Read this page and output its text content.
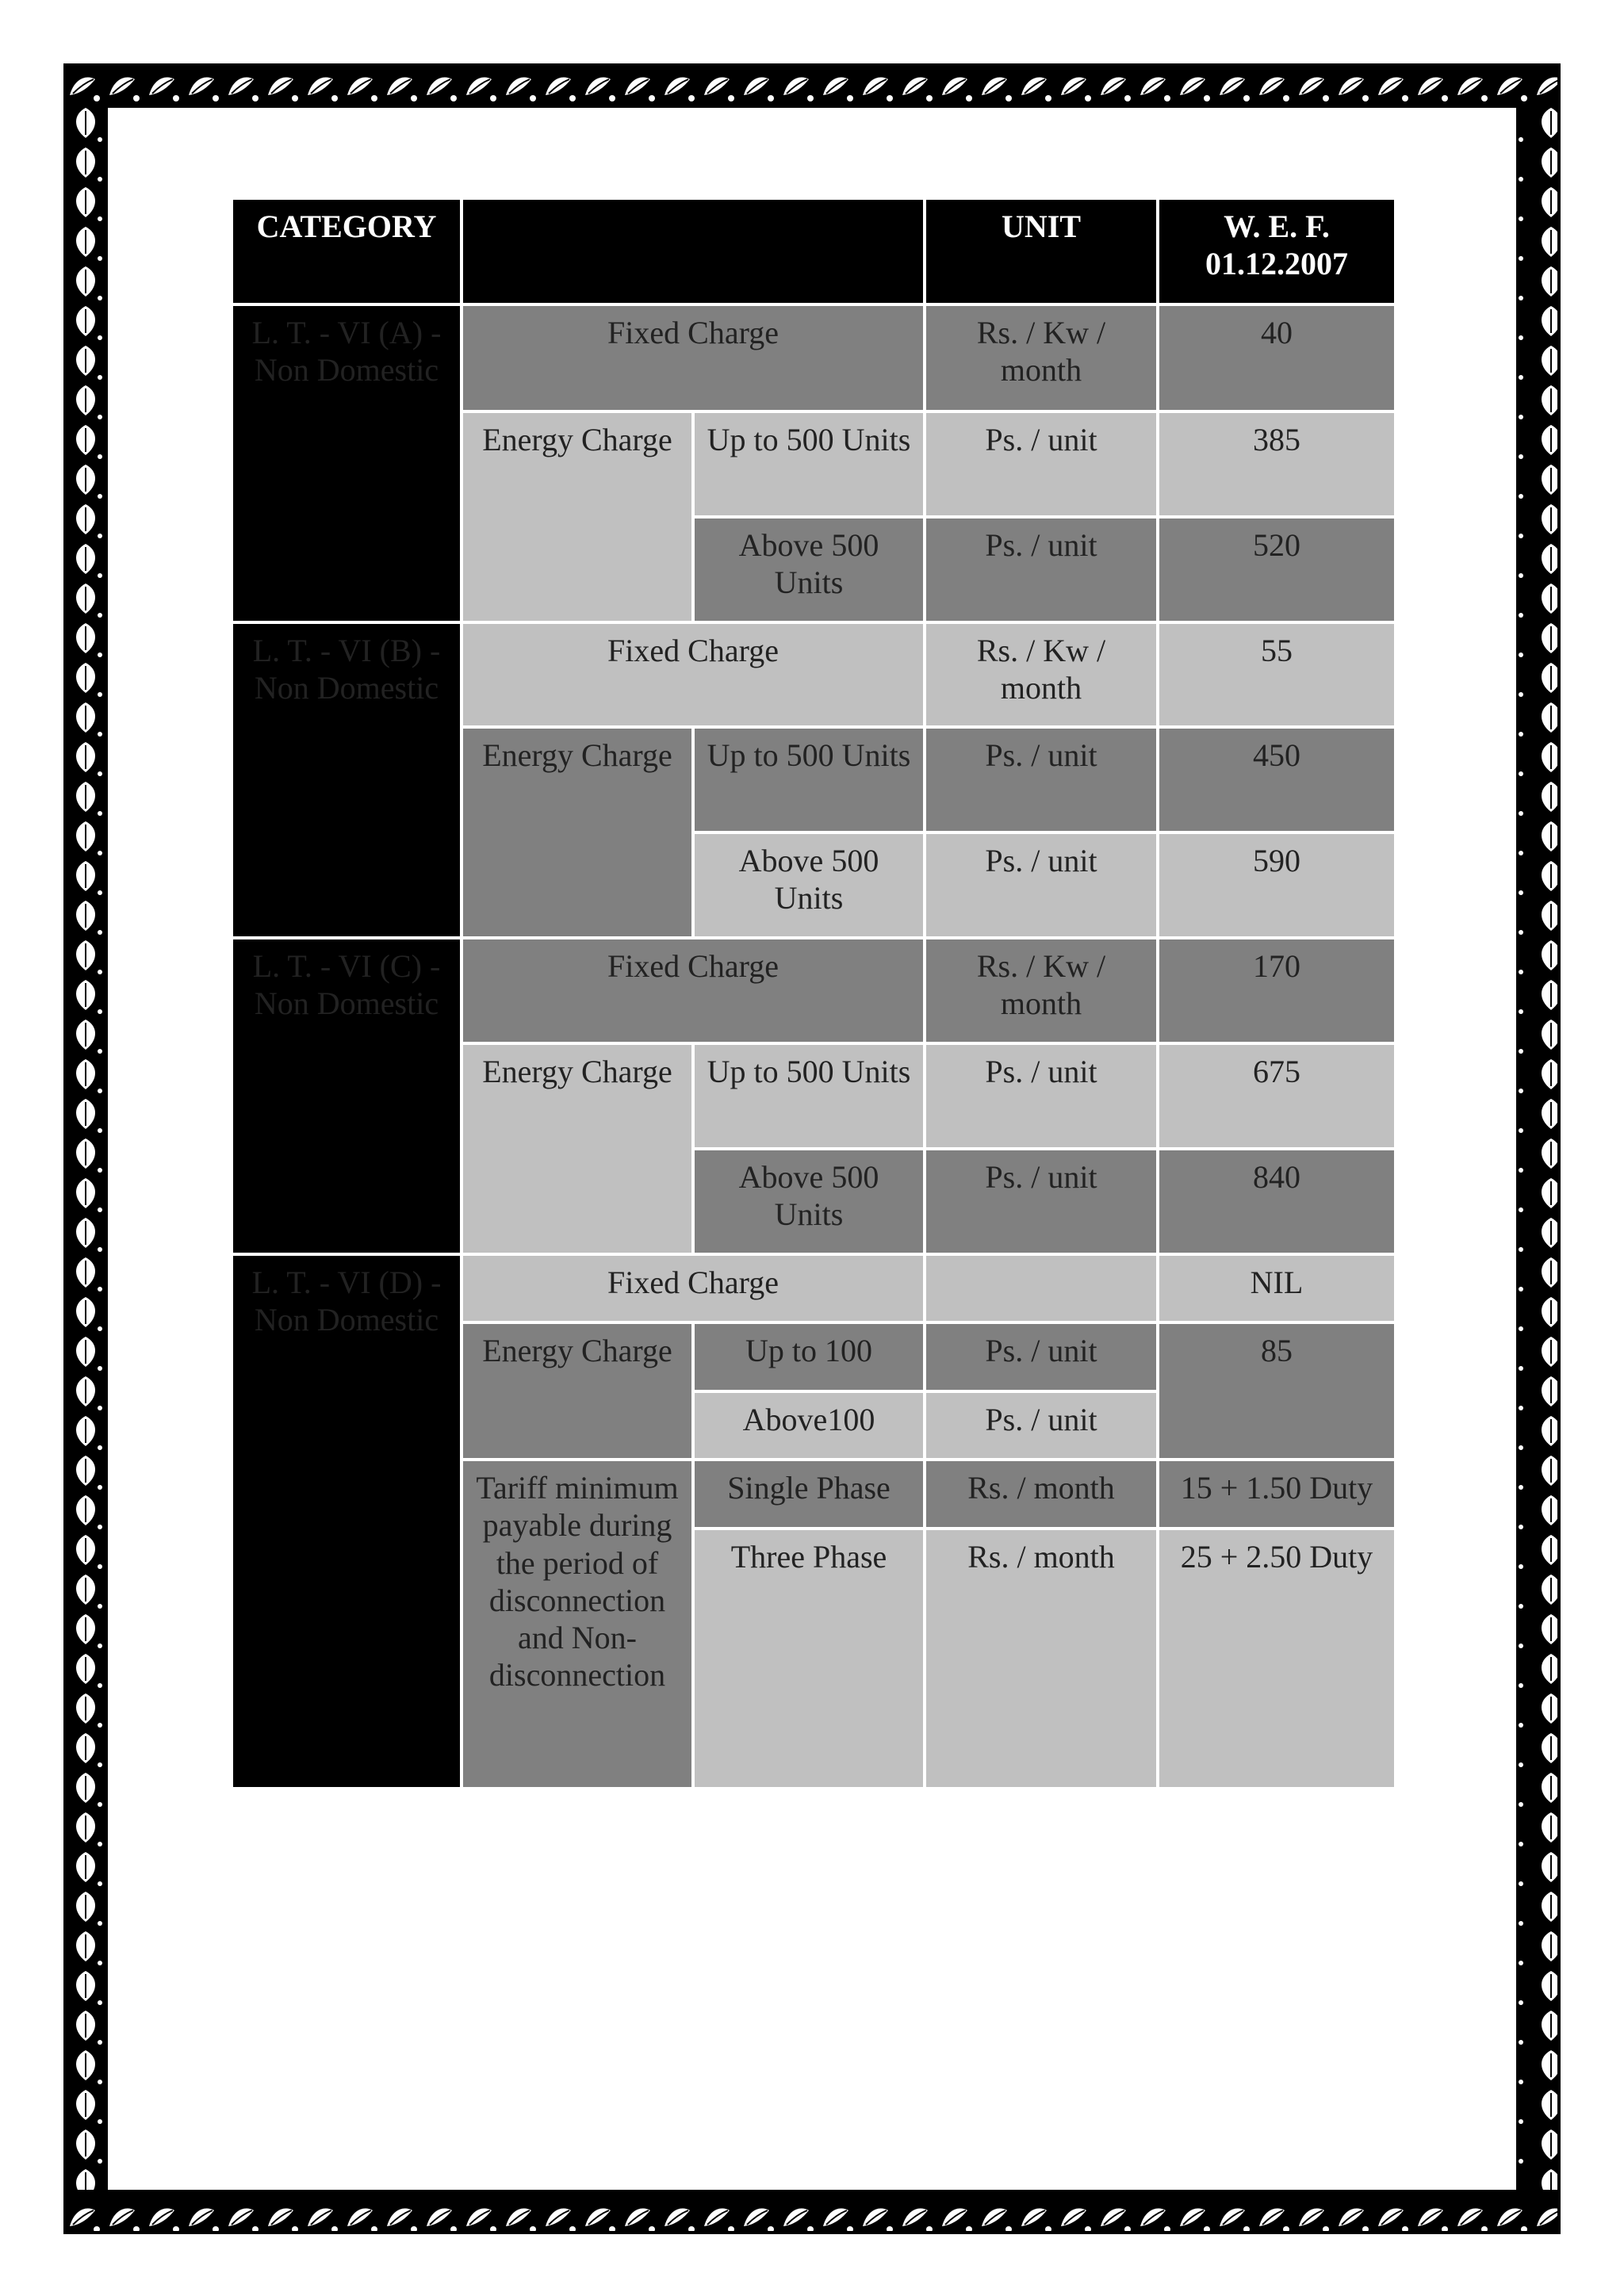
CATEGORY			UNIT	W. E. F. 01.12.2007
L. T. - VI (A) -Non Domestic	Fixed Charge		Rs. / Kw / month	40
	Energy Charge	Up to 500 Units	Ps. / unit	385
		Above 500 Units	Ps. / unit	520
L. T. - VI (B) - Non Domestic	Fixed Charge		Rs. / Kw / month	55
	Energy Charge	Up to 500 Units	Ps. / unit	450
		Above 500 Units	Ps. / unit	590
L. T. - VI (C) - Non Domestic	Fixed Charge		Rs. / Kw / month	170
	Energy Charge	Up to 500 Units	Ps. / unit	675
		Above 500 Units	Ps. / unit	840
L. T. - VI (D) - Non Domestic	Fixed Charge			NIL
	Energy Charge	Up to 100	Ps. / unit	85
		Above100	Ps. / unit	
	Tariff minimum payable during the period of disconnection and Non-disconnection	Single Phase	Rs. / month	15 + 1.50 Duty
		Three Phase	Rs. / month	25 + 2.50 Duty
